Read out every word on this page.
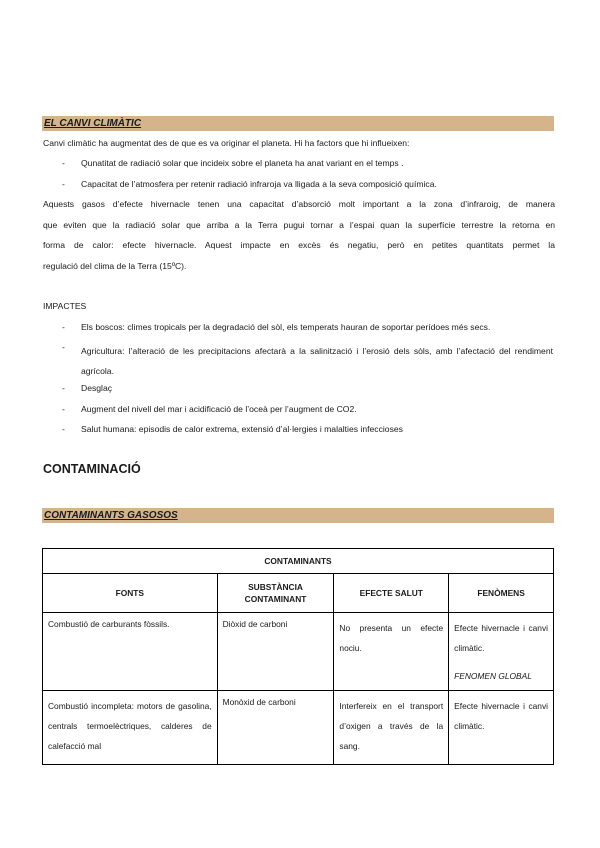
EL CANVI CLIMÀTIC
Canvi climàtic ha augmentat des de que es va originar el planeta. Hi ha factors que hi influeixen:
- Qunatitat de radiació solar que incideix sobre el planeta ha anat variant en el temps .
- Capacitat de l’atmosfera per retenir radiació infraroja va lligada a la seva composició química.
Aquests gasos d’efecte hivernacle tenen una capacitat d’absorció molt important a la zona d’infraroig, de manera
que eviten que la radiació solar que arriba a la Terra pugui tornar a l’espai quan la superfície terrestre la retorna en
forma de calor: efecte hivernacle. Aquest impacte en excès és negatiu, però en petites quantitats permet la
regulació del clima de la Terra (15ºC).
IMPACTES
- Els boscos: climes tropicals per la degradació del sòl, els temperats hauran de soportar perídoes més secs.
- Agricultura: l’alteració de les precipitacions afectarà a la salinització i l’erosió dels sòls, amb l’afectació del rendiment agrícola.
- Desglaç
- Augment del nivell del mar i acidificació de l’oceà per l’augment de CO2.
- Salut humana: episodis de calor extrema, extensió d’al·lergies i malalties infeccioses
CONTAMINACIÓ
CONTAMINANTS GASOSOS
CONTAMINANTS			
FONTS	SUBSTÀNCIA CONTAMINANT	EFECTE SALUT	FENÒMENS
Combustió de carburants fòssils.	Diòxid de carboni	No presenta un efecte nociu.	Efecte hivernacle i canvi climàtic.
FENOMEN GLOBAL

Combustió incompleta: motors de gasolina, centrals termoelèctriques, calderes de calefacció mal	Monòxid de carboni	Interfereix en el transport d’oxigen a través de la sang.	Efecte hivernacle i canvi climàtic.
